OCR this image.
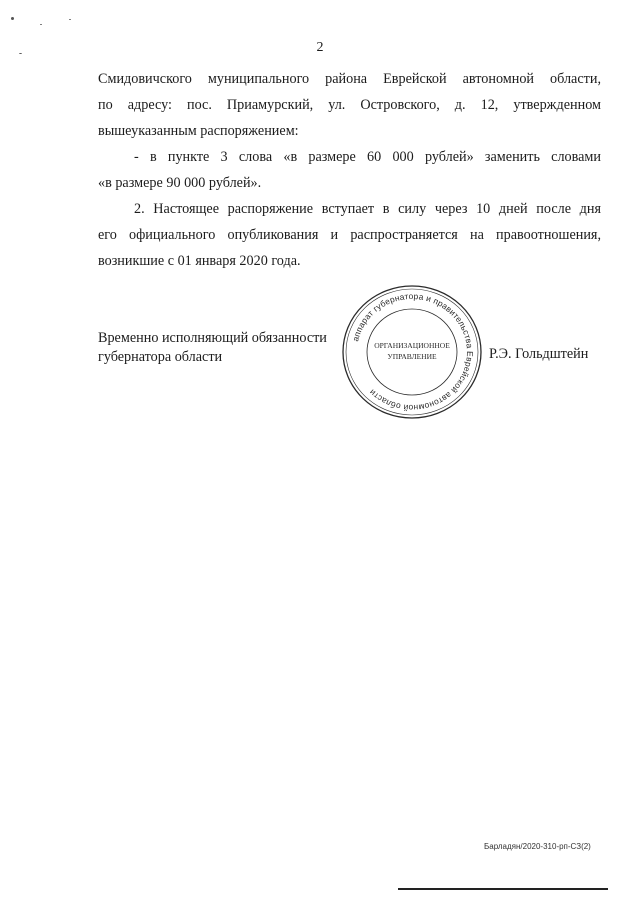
2

Смидовичского муниципального района Еврейской автономной области,

по адресу: пос. Приамурский, ул. Островского, д. 12, утвержденном

вышеуказанным распоряжением:

- в пункте 3 слова «в размере 60 000 рублей» заменить словами

«в размере 90 000 рублей».

2. Настоящее распоряжение вступает в силу через 10 дней после дня

его официального опубликования и распространяется на правоотношения,

возникшие с 01 января 2020 года.

Временно исполняющий обязанности
губернатора области
аппарат губернатора и правительства Еврейской автономной области
ОРГАНИЗАЦИОННОЕ
УПРАВЛЕНИЕ	Р.Э. Гольдштейн
Барладян/2020-310-рп-СЗ(2)
